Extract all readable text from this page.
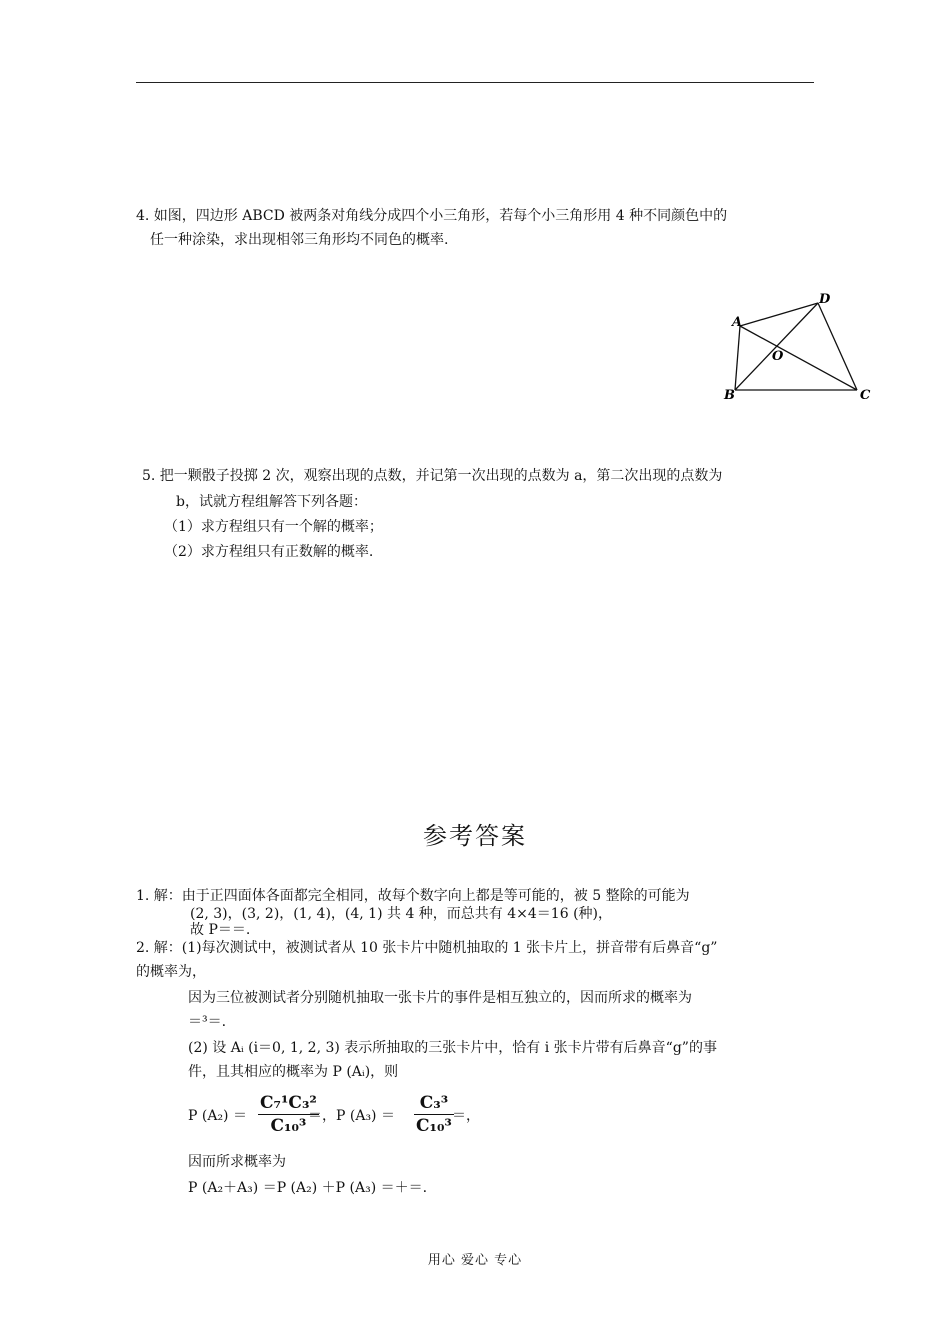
4. 如图，四边形 ABCD 被两条对角线分成四个小三角形，若每个小三角形用 4 种不同颜色中的
任一种涂染，求出现相邻三角形均不同色的概率.
A
D
O
B	C
5. 把一颗骰子投掷 2 次，观察出现的点数，并记第一次出现的点数为 a，第二次出现的点数为
b，试就方程组解答下列各题：
（1）求方程组只有一个解的概率；
（2）求方程组只有正数解的概率.
参考答案
1. 解：由于正四面体各面都完全相同，故每个数字向上都是等可能的，被 5 整除的可能为
(2, 3)，(3, 2)，(1, 4)，(4, 1) 共 4 种，而总共有 4×4＝16 (种)，
故 P＝＝.
2. 解：(1)每次测试中，被测试者从 10 张卡片中随机抽取的 1 张卡片上，拼音带有后鼻音“g”
的概率为，
因为三位被测试者分别随机抽取一张卡片的事件是相互独立的，因而所求的概率为
＝³＝.
(2) 设 Aᵢ (i＝0, 1, 2, 3) 表示所抽取的三张卡片中，恰有 i 张卡片带有后鼻音“g”的事
件，且其相应的概率为 P (Aᵢ)，则
P (A₂) ＝
C₇¹C₃²
C₁₀³ ＝，P (A₃) ＝
C₃³
C₁₀³ ＝，
因而所求概率为
P (A₂＋A₃) ＝P (A₂) ＋P (A₃) ＝＋＝.
用心 爱心 专心
